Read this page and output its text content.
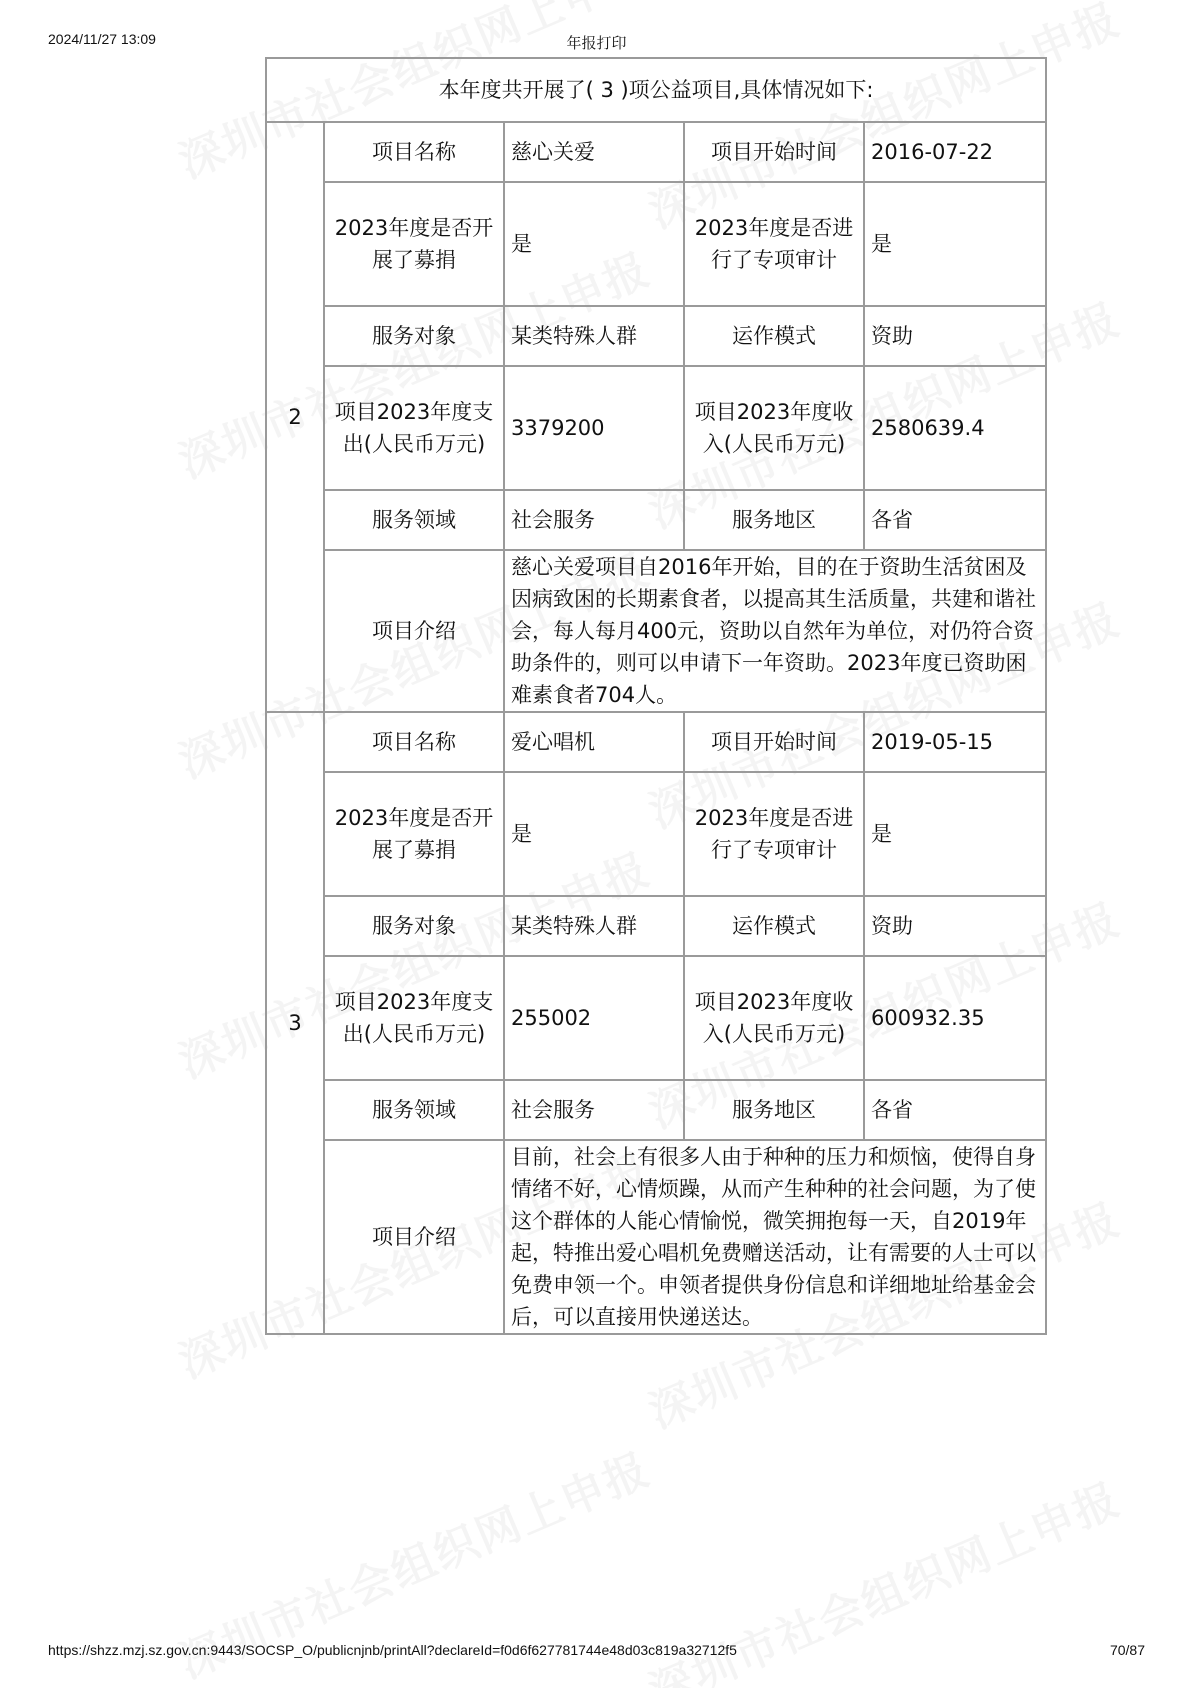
2024/11/27 13:09	年报打印
本年度共开展了( 3 )项公益项目,具体情况如下:				
2	项目名称	慈心关爱	项目开始时间	2016-07-22
	2023年度是否开展了募捐	是	2023年度是否进行了专项审计	是
	服务对象	某类特殊人群	运作模式	资助
	项目2023年度支出(人民币万元)	3379200	项目2023年度收入(人民币万元)	2580639.4
	服务领域	社会服务	服务地区	各省
	项目介绍	慈心关爱项目自2016年开始，目的在于资助生活贫困及因病致困的长期素食者，以提高其生活质量，共建和谐社会，每人每月400元，资助以自然年为单位，对仍符合资助条件的，则可以申请下一年资助。2023年度已资助困难素食者704人。		
3	项目名称	爱心唱机	项目开始时间	2019-05-15
	2023年度是否开展了募捐	是	2023年度是否进行了专项审计	是
	服务对象	某类特殊人群	运作模式	资助
	项目2023年度支出(人民币万元)	255002	项目2023年度收入(人民币万元)	600932.35
	服务领域	社会服务	服务地区	各省
	项目介绍	目前，社会上有很多人由于种种的压力和烦恼，使得自身情绪不好，心情烦躁，从而产生种种的社会问题，为了使这个群体的人能心情愉悦，微笑拥抱每一天，自2019年起，特推出爱心唱机免费赠送活动，让有需要的人士可以免费申领一个。申领者提供身份信息和详细地址给基金会后，可以直接用快递送达。		
https://shzz.mzj.sz.gov.cn:9443/SOCSP_O/publicnjnb/printAll?declareId=f0d6f627781744e48d03c819a32712f5	70/87
